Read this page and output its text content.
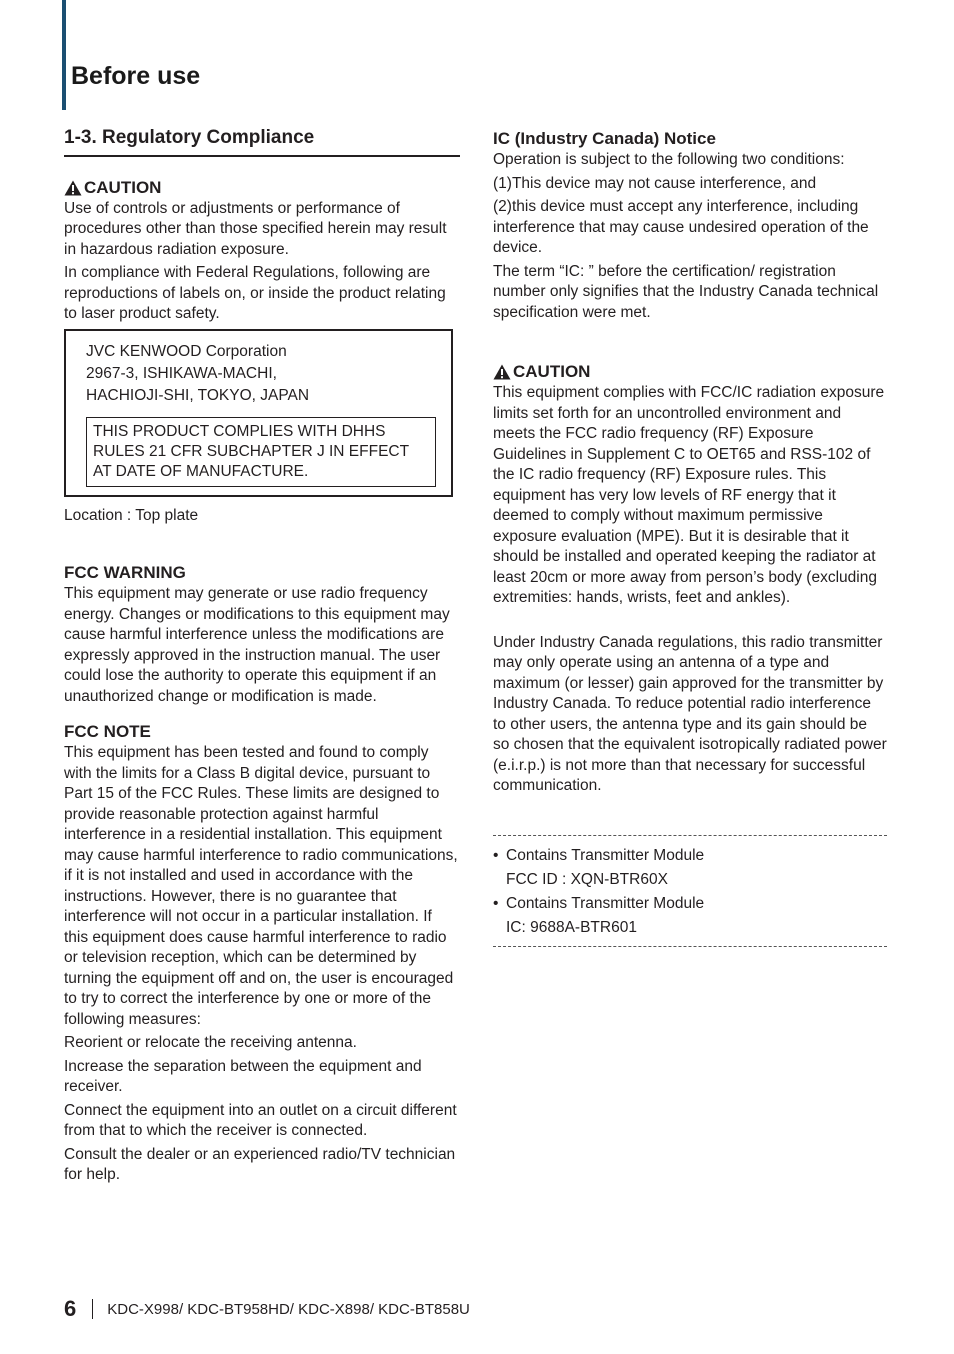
Before use
1-3. Regulatory Compliance
CAUTION

Use of controls or adjustments or performance of procedures other than those specified herein may result in hazardous radiation exposure.

In compliance with Federal Regulations, following are reproductions of labels on, or inside the product relating to laser product safety.

JVC KENWOOD Corporation
2967-3, ISHIKAWA-MACHI,
HACHIOJI-SHI, TOKYO, JAPAN
THIS PRODUCT COMPLIES WITH DHHS RULES 21 CFR SUBCHAPTER J IN EFFECT AT DATE OF MANUFACTURE.

Location : Top plate

FCC WARNING

This equipment may generate or use radio frequency energy. Changes or modifications to this equipment may cause harmful interference unless the modifications are expressly approved in the instruction manual. The user could lose the authority to operate this equipment if an unauthorized change or modification is made.

FCC NOTE

This equipment has been tested and found to comply with the limits for a Class B digital device, pursuant to Part 15 of the FCC Rules. These limits are designed to provide reasonable protection against harmful interference in a residential installation. This equipment may cause harmful interference to radio communications, if it is not installed and used in accordance with the instructions. However, there is no guarantee that interference will not occur in a particular installation. If this equipment does cause harmful interference to radio or television reception, which can be determined by turning the equipment off and on, the user is encouraged to try to correct the interference by one or more of the following measures:

Reorient or relocate the receiving antenna.

Increase the separation between the equipment and receiver.

Connect the equipment into an outlet on a circuit different from that to which the receiver is connected.

Consult the dealer or an experienced radio/TV technician for help.

IC (Industry Canada) Notice

Operation is subject to the following two conditions:

(1)This device may not cause interference, and

(2)this device must accept any interference, including interference that may cause undesired operation of the device.

The term “IC: ” before the certification/ registration number only signifies that the Industry Canada technical specification were met.

CAUTION

This equipment complies with FCC/IC radiation exposure limits set forth for an uncontrolled environment and meets the FCC radio frequency (RF) Exposure Guidelines in Supplement C to OET65 and RSS-102 of the IC radio frequency (RF) Exposure rules. This equipment has very low levels of RF energy that it deemed to comply without maximum permissive exposure evaluation (MPE). But it is desirable that it should be installed and operated keeping the radiator at least 20cm or more away from person’s body (excluding extremities: hands, wrists, feet and ankles).

Under Industry Canada regulations, this radio transmitter may only operate using an antenna of a type and maximum (or lesser) gain approved for the transmitter by Industry Canada. To reduce potential radio interference to other users, the antenna type and its gain should be so chosen that the equivalent isotropically radiated power (e.i.r.p.) is not more than that necessary for successful communication.

• Contains Transmitter Module
FCC ID : XQN-BTR60X
• Contains Transmitter Module
IC: 9688A-BTR601
6 KDC-X998/ KDC-BT958HD/ KDC-X898/ KDC-BT858U
